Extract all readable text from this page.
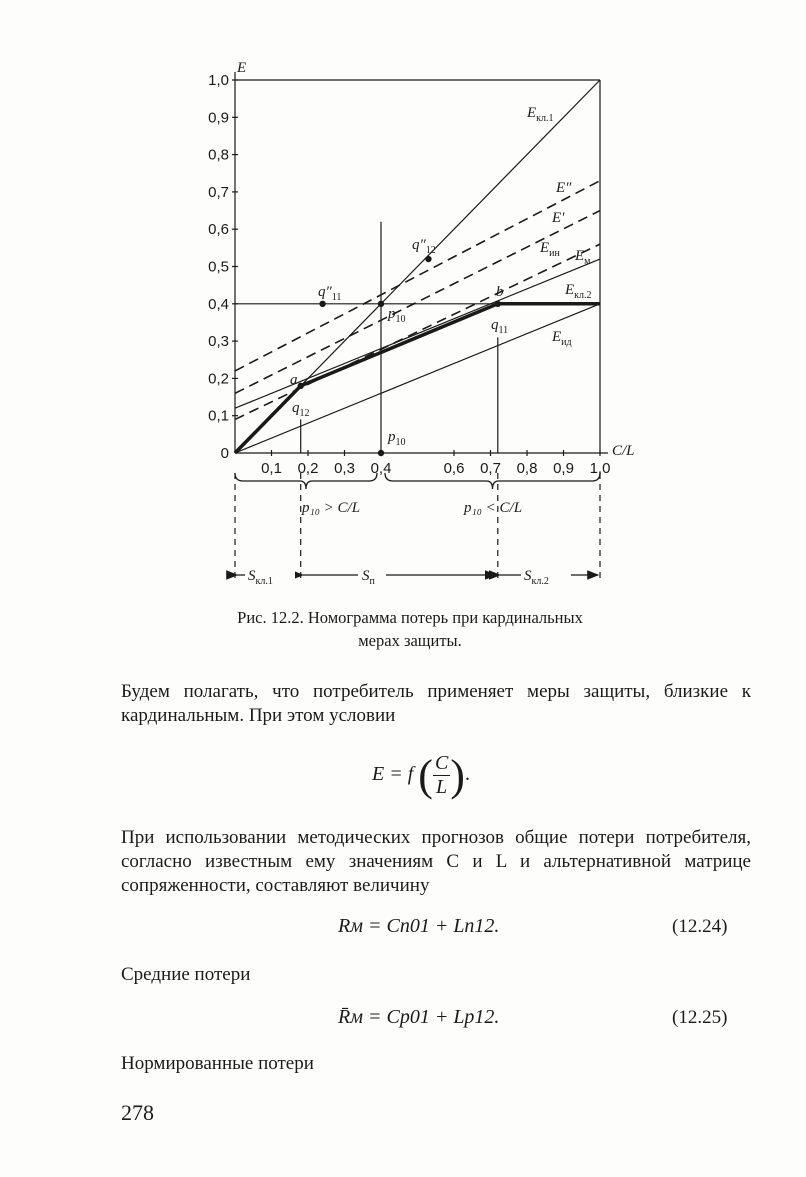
0
0,1
0,2
0,3
0,4
0,5
0,6
0,7
0,8
0,9
1,0
E
C/L
0,1 0,2 0,3 0,4	0,6 0,7 0,8 0,9 1,0
$E_{кл.1}$
E″
E′
$E_{ин}$ $E_м$
$E_{кл.2}$
$E_{ид}$
$q''_{11}$
$q''_{12}$
a
b
$q_{12}$
$q_{11}$
$p_{10}$
$p_{10}$
p₁₀ > C/L	p₁₀ < C/L
$S_{кл.1}$	$S_п$	$S_{кл.2}$
Рис. 12.2. Номограмма потерь при кардинальных
мерах защиты.
Будем полагать, что потребитель применяет меры защиты, близкие к кардинальным. При этом условии
E = f ( $\frac{C}{L}$ ).
При использовании методических прогнозов общие потери потребителя, согласно известным ему значениям C и L и альтернативной матрице сопряженности, составляют величину
Rм = Cn01 + Ln12.	(12.24)
Средние потери
R̄м = Cp01 + Lp12.	(12.25)
Нормированные потери
278
